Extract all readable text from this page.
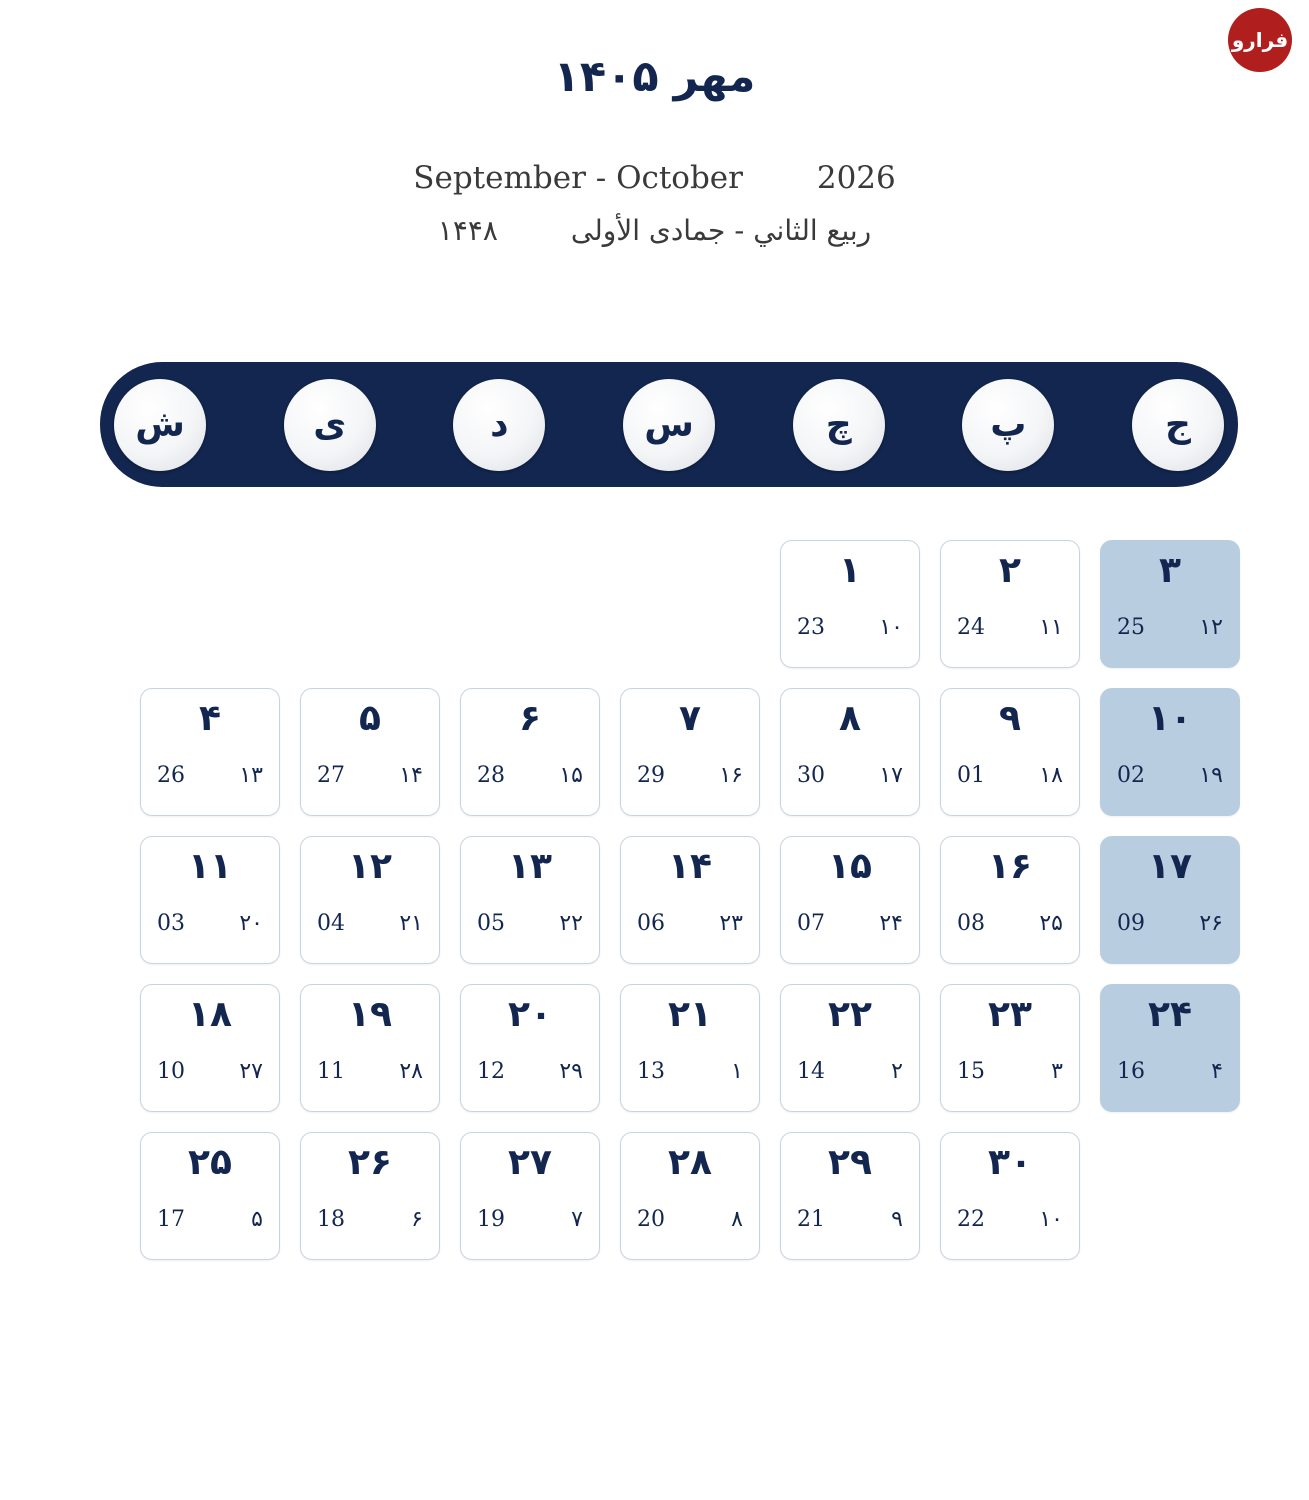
فرارو
مهر ۱۴۰۵
September - October 2026
ربيع الثاني - جمادی الأولى ۱۴۴۸
ج
پ
چ
س
د
ی
ش
۳
۱۲
25
۲
۱۱
24
۱
۱۰
23
۱۰
۱۹
02
۹
۱۸
01
۸
۱۷
30
۷
۱۶
29
۶
۱۵
28
۵
۱۴
27
۴
۱۳
26
۱۷
۲۶
09
۱۶
۲۵
08
۱۵
۲۴
07
۱۴
۲۳
06
۱۳
۲۲
05
۱۲
۲۱
04
۱۱
۲۰
03
۲۴
۴
16
۲۳
۳
15
۲۲
۲
14
۲۱
۱
13
۲۰
۲۹
12
۱۹
۲۸
11
۱۸
۲۷
10
۳۰
۱۰
22
۲۹
۹
21
۲۸
۸
20
۲۷
۷
19
۲۶
۶
18
۲۵
۵
17
